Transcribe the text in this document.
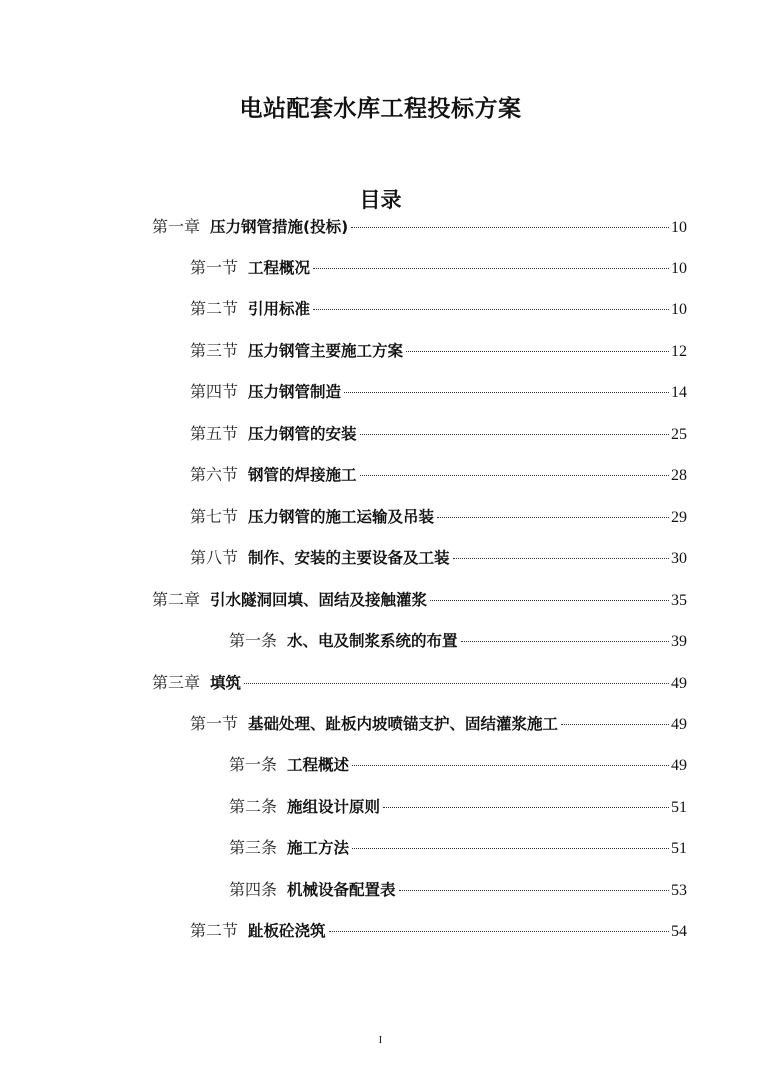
电站配套水库工程投标方案
目录
第一章 压力钢管措施(投标)	10
第一节 工程概况	10
第二节 引用标准	10
第三节 压力钢管主要施工方案	12
第四节 压力钢管制造	14
第五节 压力钢管的安装	25
第六节 钢管的焊接施工	28
第七节 压力钢管的施工运输及吊装	29
第八节 制作、安装的主要设备及工装	30
第二章 引水隧洞回填、固结及接触灌浆	35
第一条 水、电及制浆系统的布置	39
第三章 填筑	49
第一节 基础处理、趾板内坡喷锚支护、固结灌浆施工	49
第一条 工程概述	49
第二条 施组设计原则	51
第三条 施工方法	51
第四条 机械设备配置表	53
第二节 趾板砼浇筑	54
I
